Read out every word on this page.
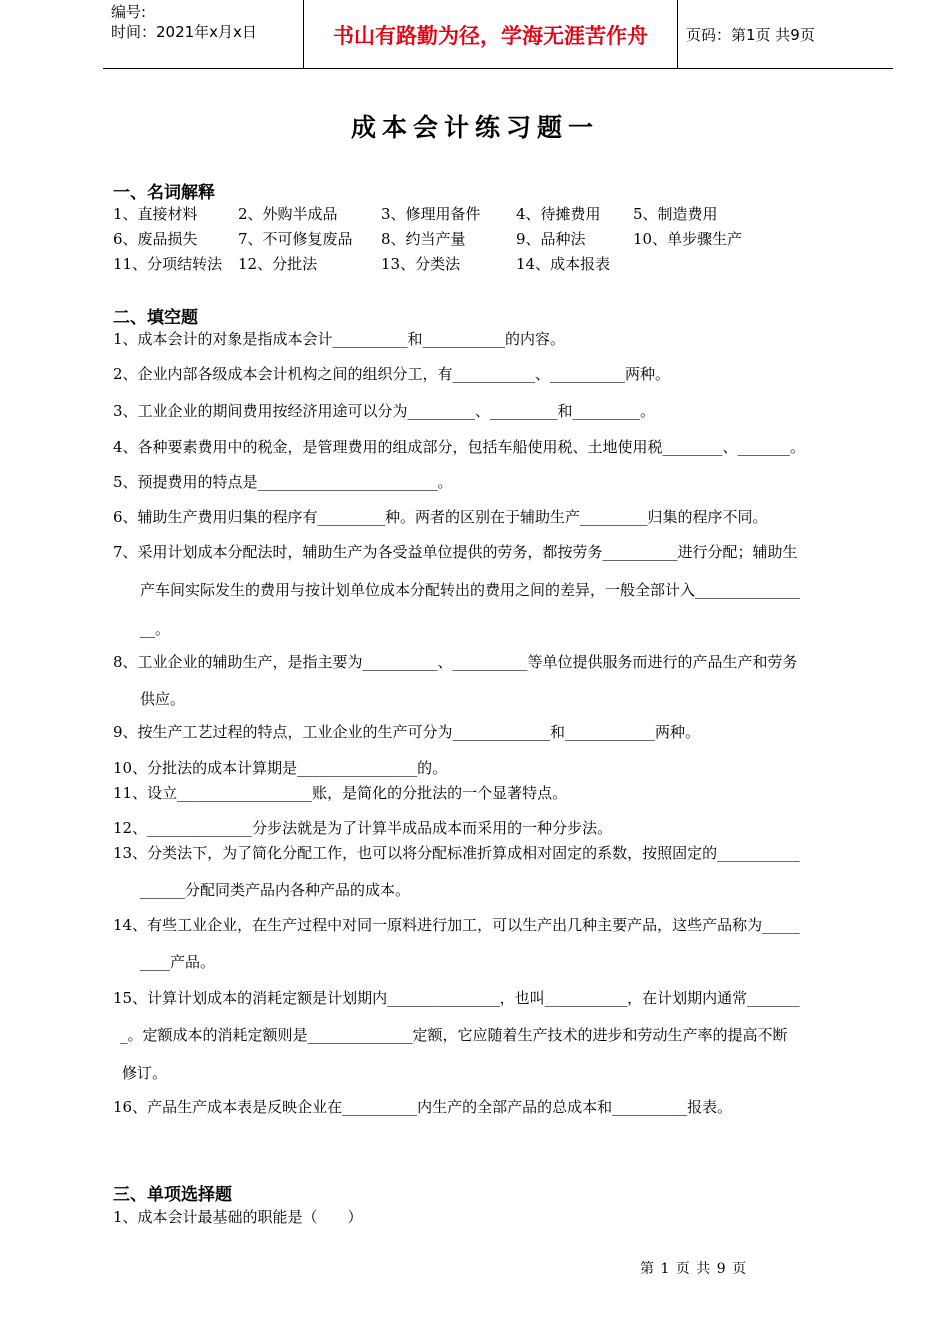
编号:
时间：2021年x月x日	书山有路勤为径，学海无涯苦作舟	页码：第1页 共9页
成本会计练习题一
一、名词解释
1、直接材料	2、外购半成品	3、修理用备件 4、待摊费用 5、制造费用
6、废品损失	7、不可修复废品 8、约当产量	9、品种法	10、单步骤生产
11、分项结转法 12、分批法	13、分类法	14、成本报表
二、填空题
1、成本会计的对象是指成本会计__________和___________的内容。
2、企业内部各级成本会计机构之间的组织分工，有___________、__________两种。
3、工业企业的期间费用按经济用途可以分为_________、_________和_________。
4、各种要素费用中的税金，是管理费用的组成部分，包括车船使用税、土地使用税________、_______。
5、预提费用的特点是________________________。
6、辅助生产费用归集的程序有_________种。两者的区别在于辅助生产_________归集的程序不同。
7、采用计划成本分配法时，辅助生产为各受益单位提供的劳务，都按劳务__________进行分配；辅助生
产车间实际发生的费用与按计划单位成本分配转出的费用之间的差异，一般全部计入______________
__。
8、工业企业的辅助生产，是指主要为__________、__________等单位提供服务而进行的产品生产和劳务
供应。
9、按生产工艺过程的特点，工业企业的生产可分为_____________和____________两种。
10、分批法的成本计算期是________________的。
11、设立__________________账，是简化的分批法的一个显著特点。
12、______________分步法就是为了计算半成品成本而采用的一种分步法。
13、分类法下，为了简化分配工作，也可以将分配标准折算成相对固定的系数，按照固定的___________
______分配同类产品内各种产品的成本。
14、有些工业企业，在生产过程中对同一原料进行加工，可以生产出几种主要产品，这些产品称为_____
____产品。
15、计算计划成本的消耗定额是计划期内_______________，也叫___________，在计划期内通常_______
_。定额成本的消耗定额则是______________定额，它应随着生产技术的进步和劳动生产率的提高不断
修订。
16、产品生产成本表是反映企业在__________内生产的全部产品的总成本和__________报表。
三、单项选择题
1、成本会计最基础的职能是（　　）
第 1 页 共 9 页
